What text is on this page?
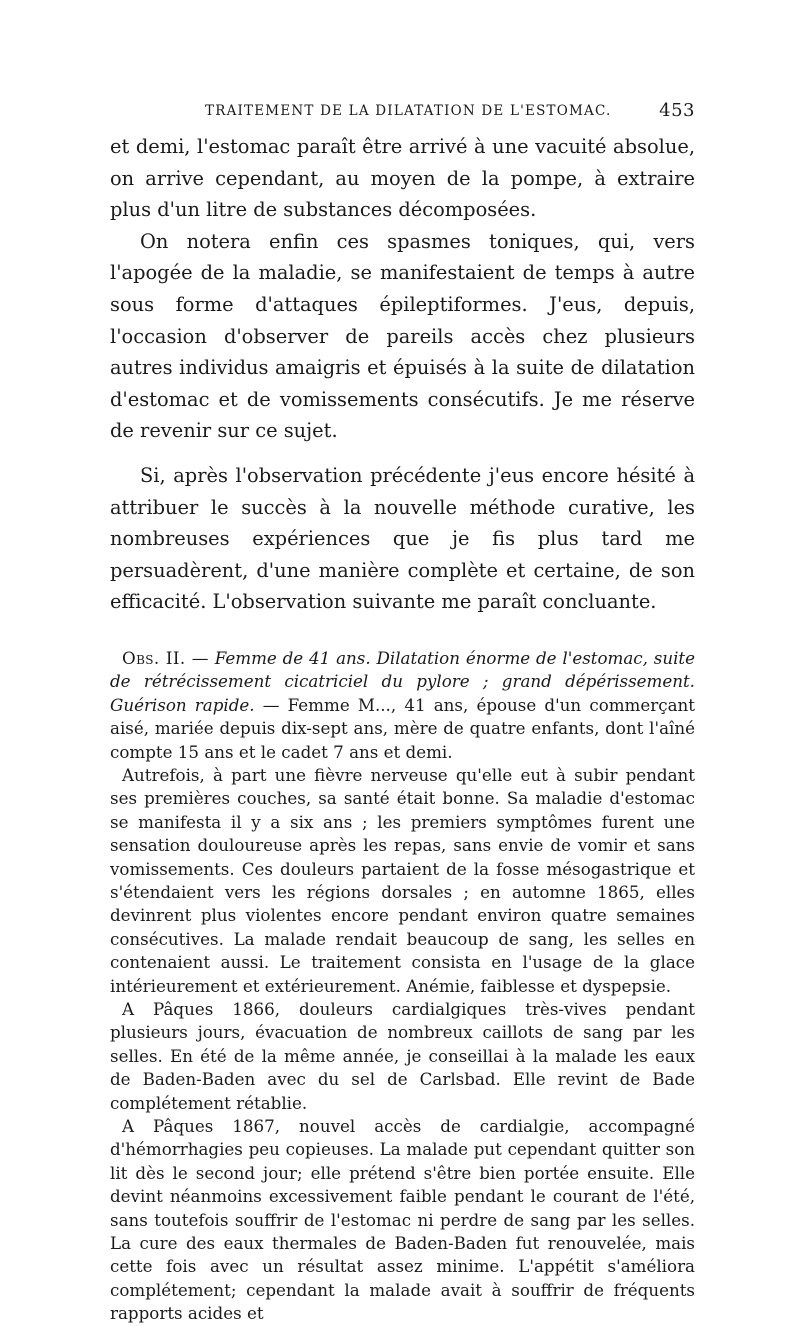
TRAITEMENT DE LA DILATATION DE L'ESTOMAC.	453

et demi, l'estomac paraît être arrivé à une vacuité absolue, on arrive cependant, au moyen de la pompe, à extraire plus d'un litre de substances décomposées.

On notera enfin ces spasmes toniques, qui, vers l'apogée de la maladie, se manifestaient de temps à autre sous forme d'attaques épileptiformes. J'eus, depuis, l'occasion d'observer de pareils accès chez plusieurs autres individus amaigris et épuisés à la suite de dilatation d'estomac et de vomissements consécutifs. Je me réserve de revenir sur ce sujet.

Si, après l'observation précédente j'eus encore hésité à attribuer le succès à la nouvelle méthode curative, les nombreuses expériences que je fis plus tard me persuadèrent, d'une manière complète et certaine, de son efficacité. L'observation suivante me paraît concluante.

Obs. II. — Femme de 41 ans. Dilatation énorme de l'estomac, suite de rétrécissement cicatriciel du pylore ; grand dépérissement. Guérison rapide. — Femme M..., 41 ans, épouse d'un commerçant aisé, mariée depuis dix-sept ans, mère de quatre enfants, dont l'aîné compte 15 ans et le cadet 7 ans et demi.

Autrefois, à part une fièvre nerveuse qu'elle eut à subir pendant ses premières couches, sa santé était bonne. Sa maladie d'estomac se manifesta il y a six ans ; les premiers symptômes furent une sensation douloureuse après les repas, sans envie de vomir et sans vomissements. Ces douleurs partaient de la fosse mésogastrique et s'étendaient vers les régions dorsales ; en automne 1865, elles devinrent plus violentes encore pendant environ quatre semaines consécutives. La malade rendait beaucoup de sang, les selles en contenaient aussi. Le traitement consista en l'usage de la glace intérieurement et extérieurement. Anémie, faiblesse et dyspepsie.

A Pâques 1866, douleurs cardialgiques très-vives pendant plusieurs jours, évacuation de nombreux caillots de sang par les selles. En été de la même année, je conseillai à la malade les eaux de Baden-Baden avec du sel de Carlsbad. Elle revint de Bade complétement rétablie.

A Pâques 1867, nouvel accès de cardialgie, accompagné d'hémorrhagies peu copieuses. La malade put cependant quitter son lit dès le second jour; elle prétend s'être bien portée ensuite. Elle devint néanmoins excessivement faible pendant le courant de l'été, sans toutefois souffrir de l'estomac ni perdre de sang par les selles. La cure des eaux thermales de Baden-Baden fut renouvelée, mais cette fois avec un résultat assez minime. L'appétit s'améliora complétement; cependant la malade avait à souffrir de fréquents rapports acides et
